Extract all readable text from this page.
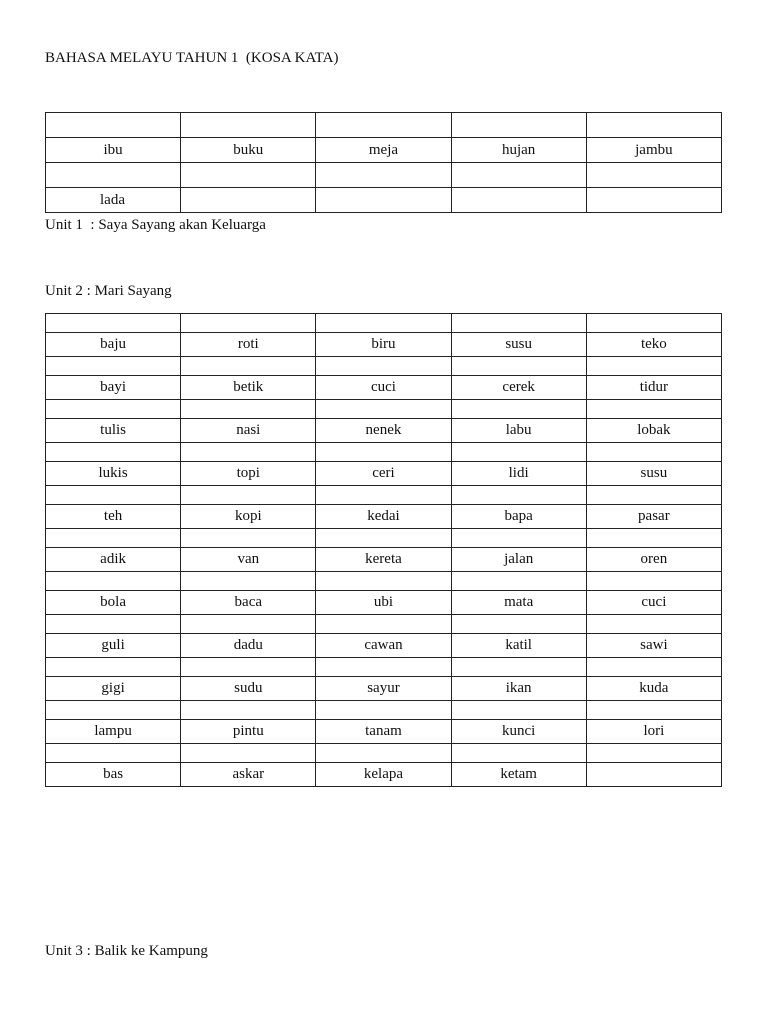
BAHASA MELAYU TAHUN 1  (KOSA KATA)

ibu	buku	meja	hujan	jambu

lada				
Unit 1  : Saya Sayang akan Keluarga
Unit 2 : Mari Sayang

baju	roti	biru	susu	teko

bayi	betik	cuci	cerek	tidur

tulis	nasi	nenek	labu	lobak

lukis	topi	ceri	lidi	susu

teh	kopi	kedai	bapa	pasar

adik	van	kereta	jalan	oren

bola	baca	ubi	mata	cuci

guli	dadu	cawan	katil	sawi

gigi	sudu	sayur	ikan	kuda

lampu	pintu	tanam	kunci	lori

bas	askar	kelapa	ketam	
Unit 3 : Balik ke Kampung
